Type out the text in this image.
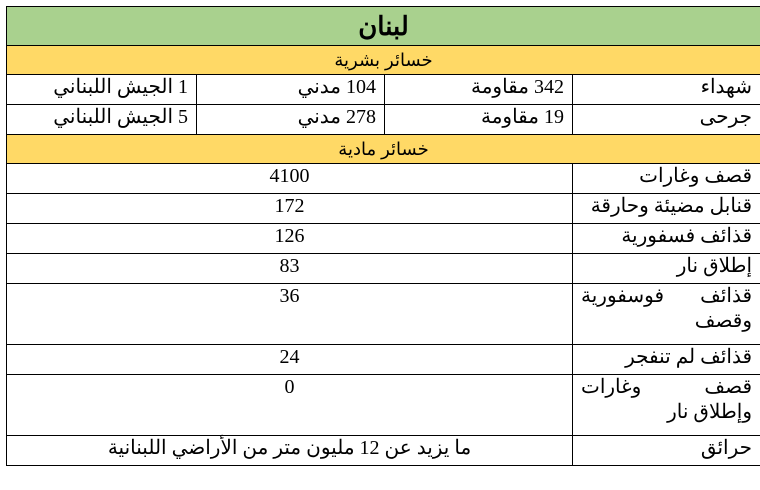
لبنان			
خسائر بشرية			
شهداء	342 مقاومة	104 مدني	1 الجيش اللبناني
جرحى	19 مقاومة	278 مدني	5 الجيش اللبناني
خسائر مادية			
قصف وغارات	4100		
قنابل مضيئة وحارقة	172		
قذائف فسفورية	126		
إطلاق نار	83		
قذائف فوسفورية وقصف	36		
قذائف لم تنفجر	24		
قصف وغارات وإطلاق نار	0		
حرائق	ما يزيد عن 12 مليون متر من الأراضي اللبنانية		
